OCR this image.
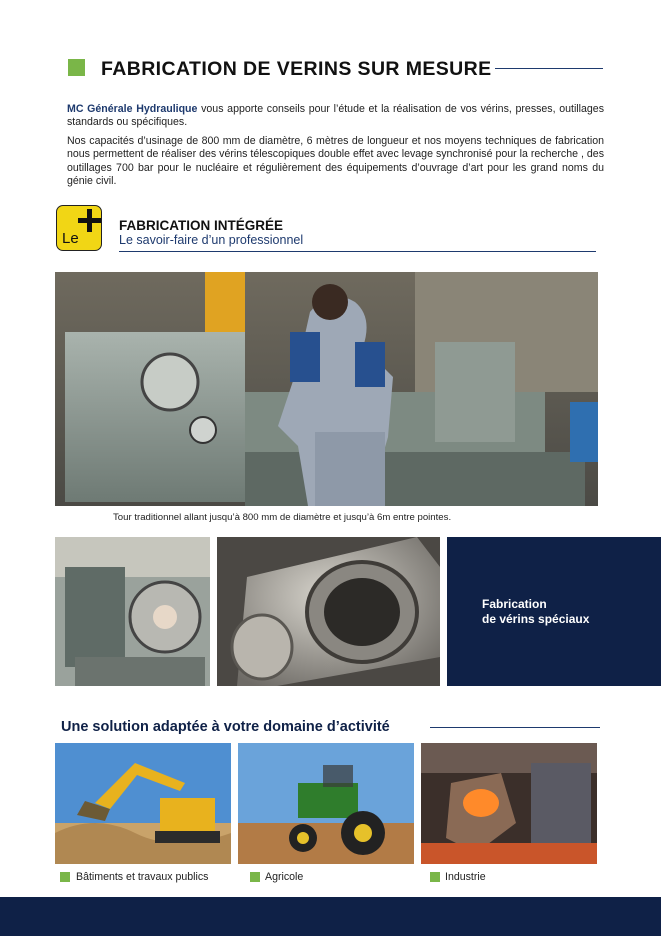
FABRICATION DE VERINS SUR MESURE
MC Générale Hydraulique vous apporte conseils pour l’étude et la réalisation de vos vérins, presses, outillages standards ou spécifiques.
Nos capacités d’usinage de 800 mm de diamètre, 6 mètres de longueur et nos moyens techniques de fabrication nous permettent de réaliser des vérins télescopiques double effet avec levage synchronisé pour la recherche , des outillages 700 bar pour le nucléaire et régulièrement des équipements d’ouvrage d’art pour les grand noms du génie civil.
Le
FABRICATION INTÉGRÉE
Le savoir-faire d’un professionnel
Tour traditionnel allant jusqu’à 800 mm de diamètre et jusqu’à 6m entre pointes.
Fabrication
de vérins spéciaux
Une solution adaptée à votre domaine d’activité
Bâtiments et travaux publics	Agricole	Industrie
